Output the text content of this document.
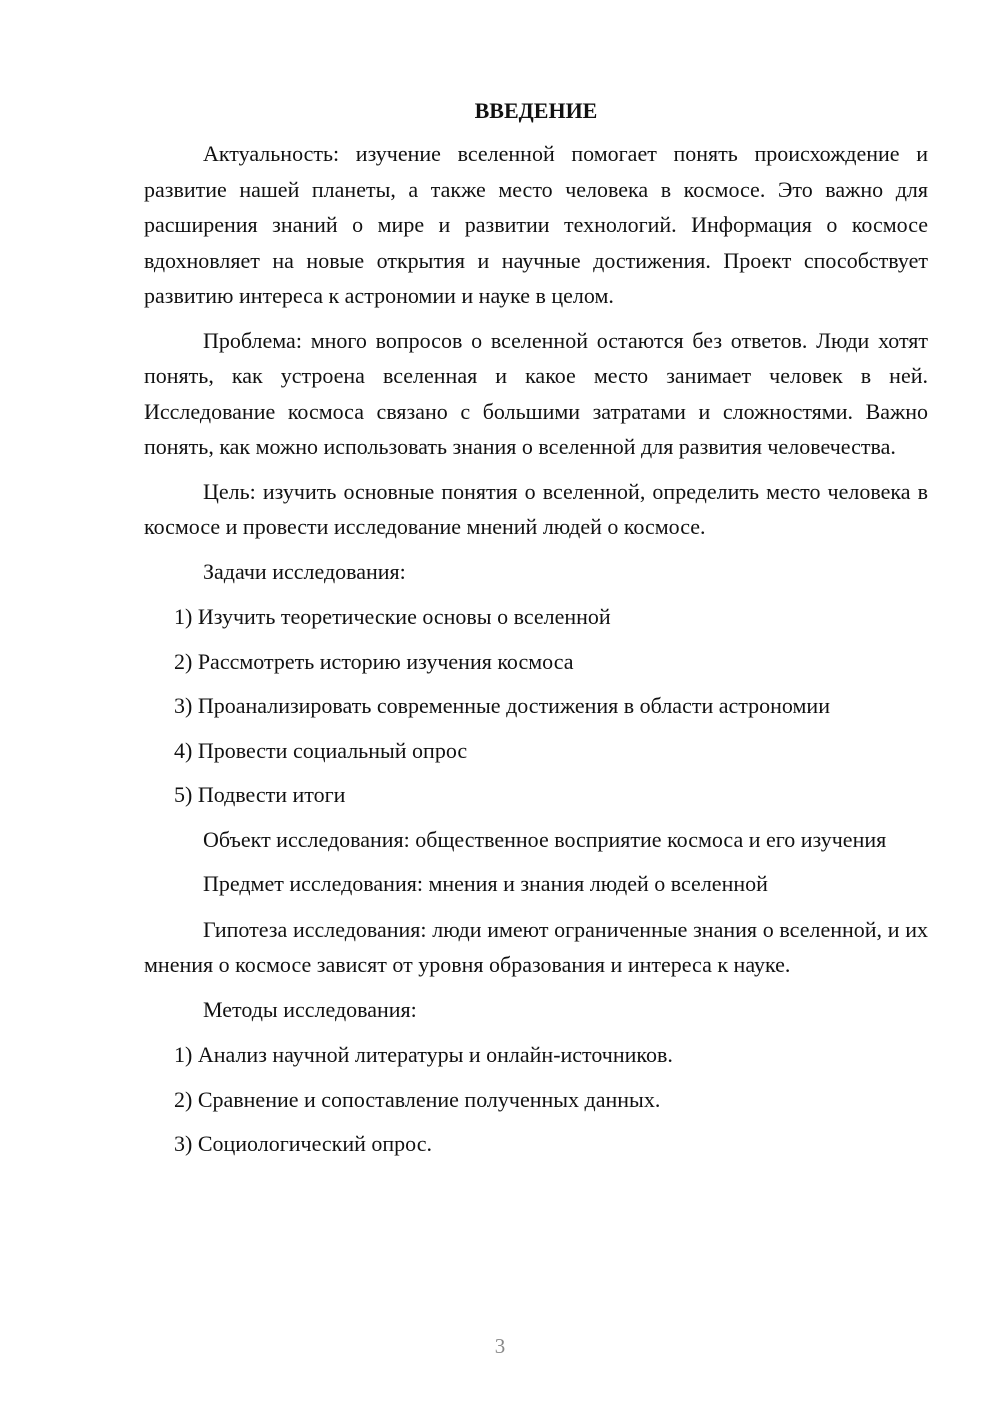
ВВЕДЕНИЕ

Актуальность: изучение вселенной помогает понять происхождение и развитие нашей планеты, а также место человека в космосе. Это важно для расширения знаний о мире и развитии технологий. Информация о космосе вдохновляет на новые открытия и научные достижения. Проект способствует развитию интереса к астрономии и науке в целом.

Проблема: много вопросов о вселенной остаются без ответов. Люди хотят понять, как устроена вселенная и какое место занимает человек в ней. Исследование космоса связано с большими затратами и сложностями. Важно понять, как можно использовать знания о вселенной для развития человечества.

Цель: изучить основные понятия о вселенной, определить место человека в космосе и провести исследование мнений людей о космосе.

Задачи исследования:

1) Изучить теоретические основы о вселенной
2) Рассмотреть историю изучения космоса
3) Проанализировать современные достижения в области астрономии
4) Провести социальный опрос
5) Подвести итоги

Объект исследования: общественное восприятие космоса и его изучения

Предмет исследования: мнения и знания людей о вселенной

Гипотеза исследования: люди имеют ограниченные знания о вселенной, и их мнения о космосе зависят от уровня образования и интереса к науке.

Методы исследования:

1) Анализ научной литературы и онлайн-источников.
2) Сравнение и сопоставление полученных данных.
3) Социологический опрос.
3
